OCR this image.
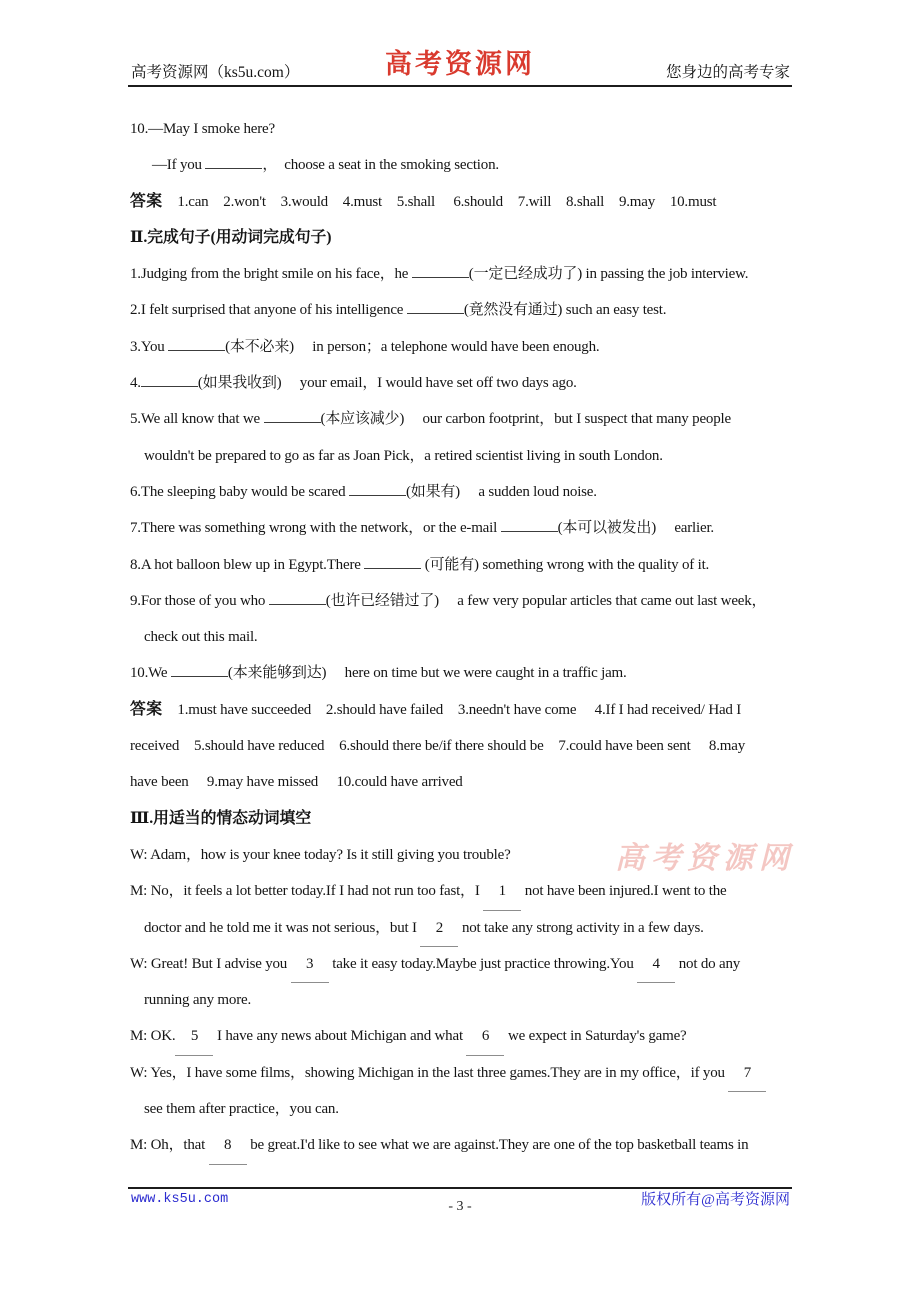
高考资源网（ks5u.com）	高考资源网	您身边的高考专家
10.—May I smoke here?
—If you	，  choose a seat in the smoking section.
答案　1.can　2.won't　3.would　4.must　5.shall　 6.should　7.will　8.shall　9.may　10.must
Ⅱ.完成句子(用动词完成句子)
1.Judging from the bright smile on his face，he	(一定已经成功了) in passing the job interview.
2.I felt surprised that anyone of his intelligence	(竟然没有通过) such an easy test.
3.You	(本不必来)　 in person；a telephone would have been enough.
4.	(如果我收到)　 your email，I would have set off two days ago.
5.We all know that we	(本应该减少)　 our carbon footprint，but I suspect that many people
wouldn't be prepared to go as far as Joan Pick，a retired scientist living in south London.
6.The sleeping baby would be scared	(如果有)　 a sudden loud noise.
7.There was something wrong with the network，or the e-mail	(本可以被发出)　 earlier.
8.A hot balloon blew up in Egypt.There	(可能有) something wrong with the quality of it.
9.For those of you who	(也许已经错过了)　 a few very popular articles that came out last week，
check out this mail.
10.We	(本来能够到达)　 here on time but we were caught in a traffic jam.
答案　1.must have succeeded　2.should have failed　3.needn't have come　 4.If I had received/ Had I
received　5.should have reduced　6.should there be/if there should be　7.could have been sent　 8.may
have been　 9.may have missed　 10.could have arrived
Ⅲ.用适当的情态动词填空
W: Adam，how is your knee today? Is it still giving you trouble?
M: No，it feels a lot better today.If I had not run too fast，I 1 not have been injured.I went to the
doctor and he told me it was not serious，but I 2 not take any strong activity in a few days.
W: Great! But I advise you 3 take it easy today.Maybe just practice throwing.You 4 not do any
running any more.
M: OK. 5 I have any news about Michigan and what 6 we expect in Saturday's game?
W: Yes，I have some films，showing Michigan in the last three games.They are in my office，if you 7
see them after practice，you can.
M: Oh，that 8 be great.I'd like to see what we are against.They are one of the top basketball teams in
高考资源网
www.ks5u.com	- 3 -	版权所有@高考资源网
